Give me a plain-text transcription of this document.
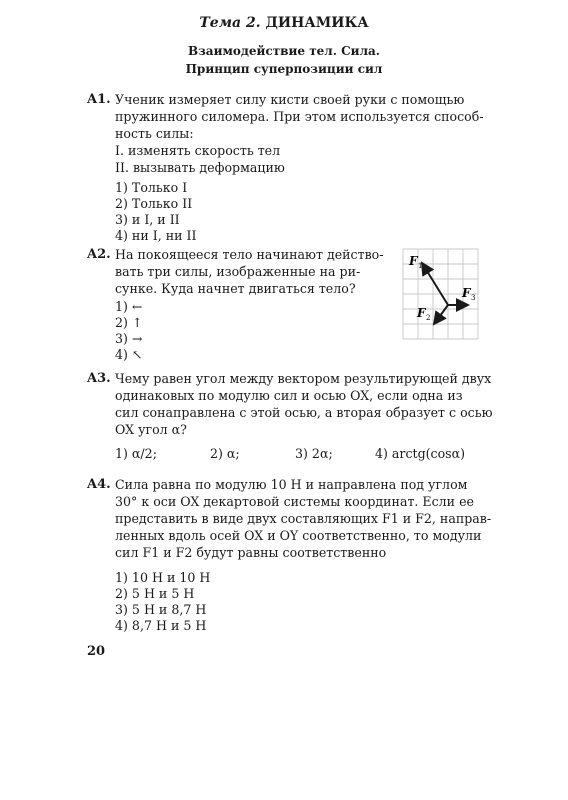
Тема 2. ДИНАМИКА
Взаимодействие тел. Сила.
Принцип суперпозиции сил
A1. Ученик измеряет силу кисти своей руки с помощью
пружинного силомера. При этом используется способ-
ность силы:
I. изменять скорость тел
II. вызывать деформацию
1) Только I
2) Только II
3) и I, и II
4) ни I, ни II
A2. На покоящееся тело начинают действо-
вать три силы, изображенные на ри-
сунке. Куда начнет двигаться тело?
1) ←
2) ↑
3) →
4) ↖
F 1
F 2
F 3
A3. Чему равен угол между вектором результирующей двух
одинаковых по модулю сил и осью OX, если одна из
сил сонаправлена с этой осью, а вторая образует с осью
OX угол α?
1) α/2;	2) α;	3) 2α;	4) arctg(cosα)
A4. Сила равна по модулю 10 Н и направлена под углом
30° к оси OX декартовой системы координат. Если ее
представить в виде двух составляющих F1 и F2, направ-
ленных вдоль осей OX и OY соответственно, то модули
сил F1 и F2 будут равны соответственно
1) 10 Н и 10 Н
2) 5 Н и 5 Н
3) 5 Н и 8,7 Н
4) 8,7 Н и 5 Н
20
